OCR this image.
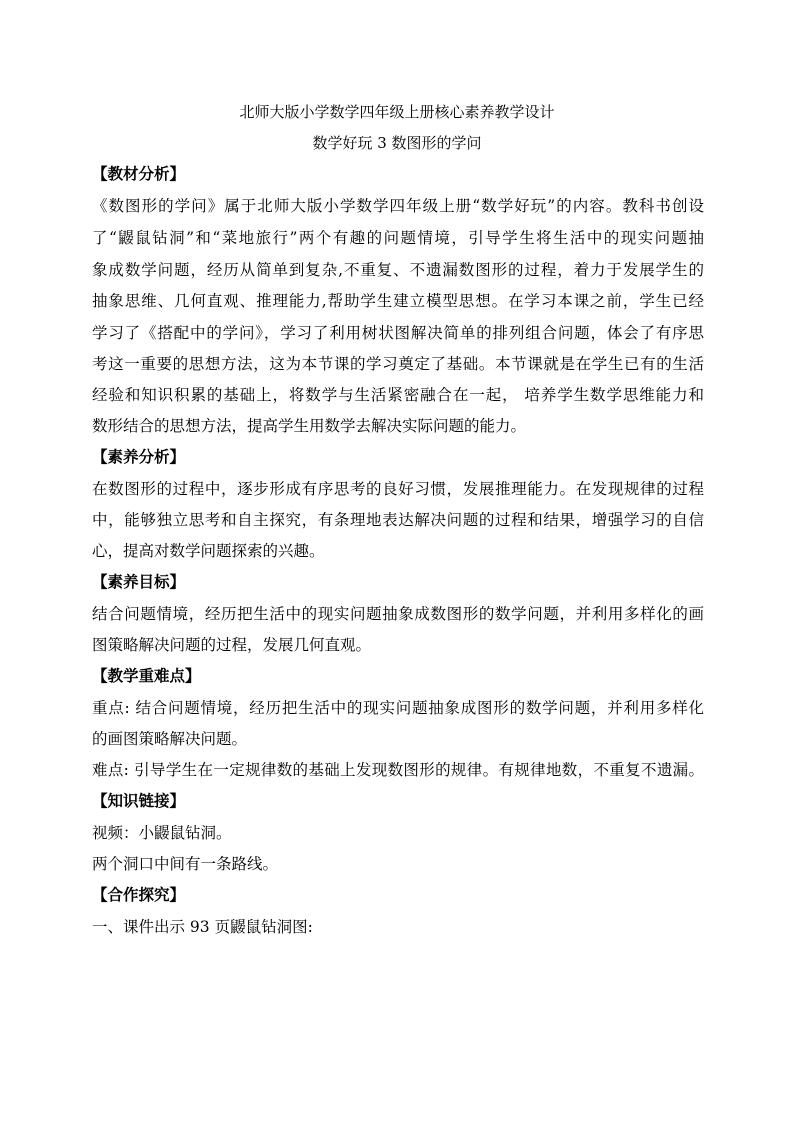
北师大版小学数学四年级上册核心素养教学设计
数学好玩 3 数图形的学问
【教材分析】
《数图形的学问》属于北师大版小学数学四年级上册“数学好玩”的内容。教科书创设
了“鼹鼠钻洞”和“菜地旅行”两个有趣的问题情境，引导学生将生活中的现实问题抽
象成数学问题，经历从简单到复杂,不重复、不遗漏数图形的过程，着力于发展学生的
抽象思维、几何直观、推理能力,帮助学生建立模型思想。在学习本课之前，学生已经
学习了《搭配中的学问》，学习了利用树状图解决简单的排列组合问题，体会了有序思
考这一重要的思想方法，这为本节课的学习奠定了基础。本节课就是在学生已有的生活
经验和知识积累的基础上，将数学与生活紧密融合在一起， 培养学生数学思维能力和
数形结合的思想方法，提高学生用数学去解决实际问题的能力。
【素养分析】
在数图形的过程中，逐步形成有序思考的良好习惯，发展推理能力。在发现规律的过程
中，能够独立思考和自主探究，有条理地表达解决问题的过程和结果，增强学习的自信
心，提高对数学问题探索的兴趣。
【素养目标】
结合问题情境，经历把生活中的现实问题抽象成数图形的数学问题，并利用多样化的画
图策略解决问题的过程，发展几何直观。
【教学重难点】
重点: 结合问题情境，经历把生活中的现实问题抽象成图形的数学问题，并利用多样化
的画图策略解决问题。
难点: 引导学生在一定规律数的基础上发现数图形的规律。有规律地数，不重复不遗漏。
【知识链接】
视频：小鼹鼠钻洞。
两个洞口中间有一条路线。
【合作探究】
一、课件出示 93 页鼹鼠钻洞图:
